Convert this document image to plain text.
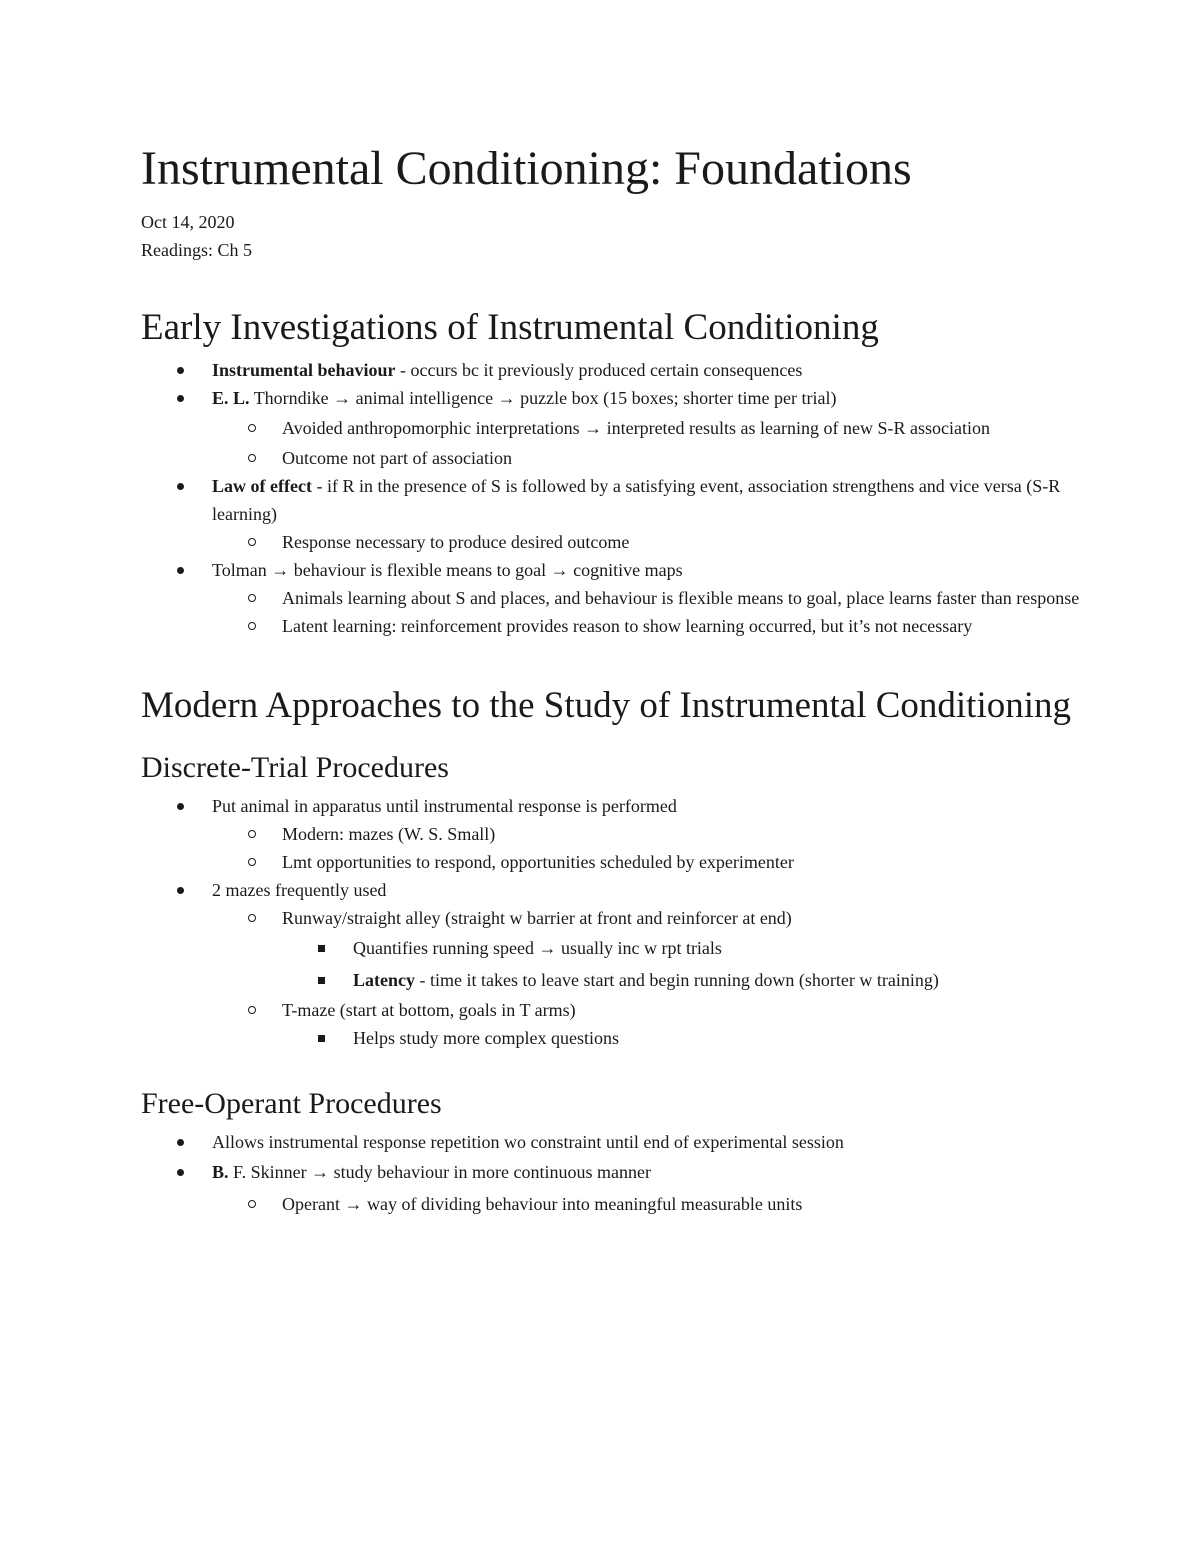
Instrumental Conditioning: Foundations
Oct 14, 2020
Readings: Ch 5
Early Investigations of Instrumental Conditioning
Instrumental behaviour - occurs bc it previously produced certain consequences
E. L. Thorndike → animal intelligence → puzzle box (15 boxes; shorter time per trial)
Avoided anthropomorphic interpretations → interpreted results as learning of new S-R association
Outcome not part of association
Law of effect - if R in the presence of S is followed by a satisfying event, association strengthens and vice versa (S-R learning)
Response necessary to produce desired outcome
Tolman → behaviour is flexible means to goal → cognitive maps
Animals learning about S and places, and behaviour is flexible means to goal, place learns faster than response
Latent learning: reinforcement provides reason to show learning occurred, but it’s not necessary
Modern Approaches to the Study of Instrumental Conditioning
Discrete-Trial Procedures
Put animal in apparatus until instrumental response is performed
Modern: mazes (W. S. Small)
Lmt opportunities to respond, opportunities scheduled by experimenter
2 mazes frequently used
Runway/straight alley (straight w barrier at front and reinforcer at end)
Quantifies running speed → usually inc w rpt trials
Latency - time it takes to leave start and begin running down (shorter w training)
T-maze (start at bottom, goals in T arms)
Helps study more complex questions
Free-Operant Procedures
Allows instrumental response repetition wo constraint until end of experimental session
B. F. Skinner → study behaviour in more continuous manner
Operant → way of dividing behaviour into meaningful measurable units
